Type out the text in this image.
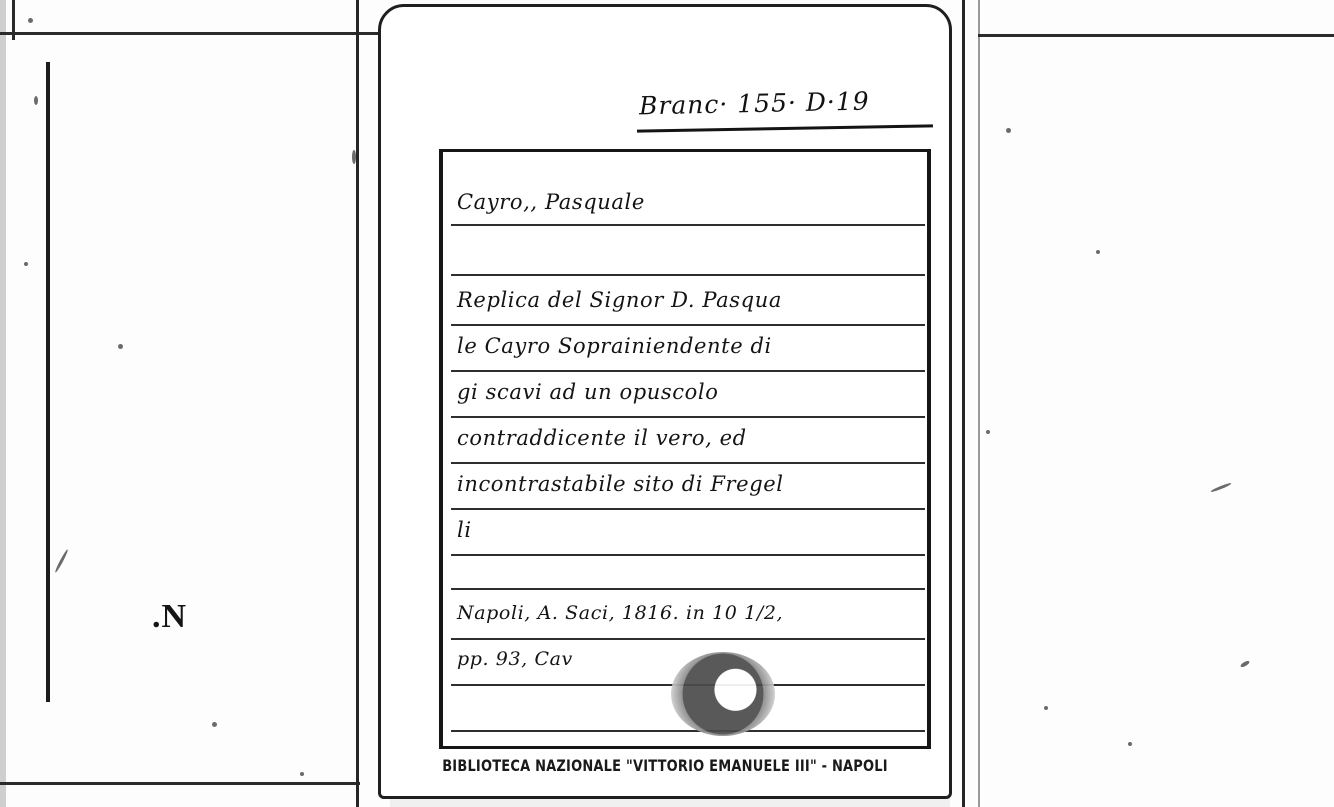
.N
Branc· 155· D·19
Cayro,, Pasquale
Replica del Signor D. Pasqua
le Cayro Soprainiendente di
gi scavi ad un opuscolo
contraddicente il vero, ed
incontrastabile sito di Fregel
li
Napoli, A. Saci, 1816. in 10 1/2,
pp. 93, Cav
BIBLIOTECA NAZIONALE "VITTORIO EMANUELE III" - NAPOLI
